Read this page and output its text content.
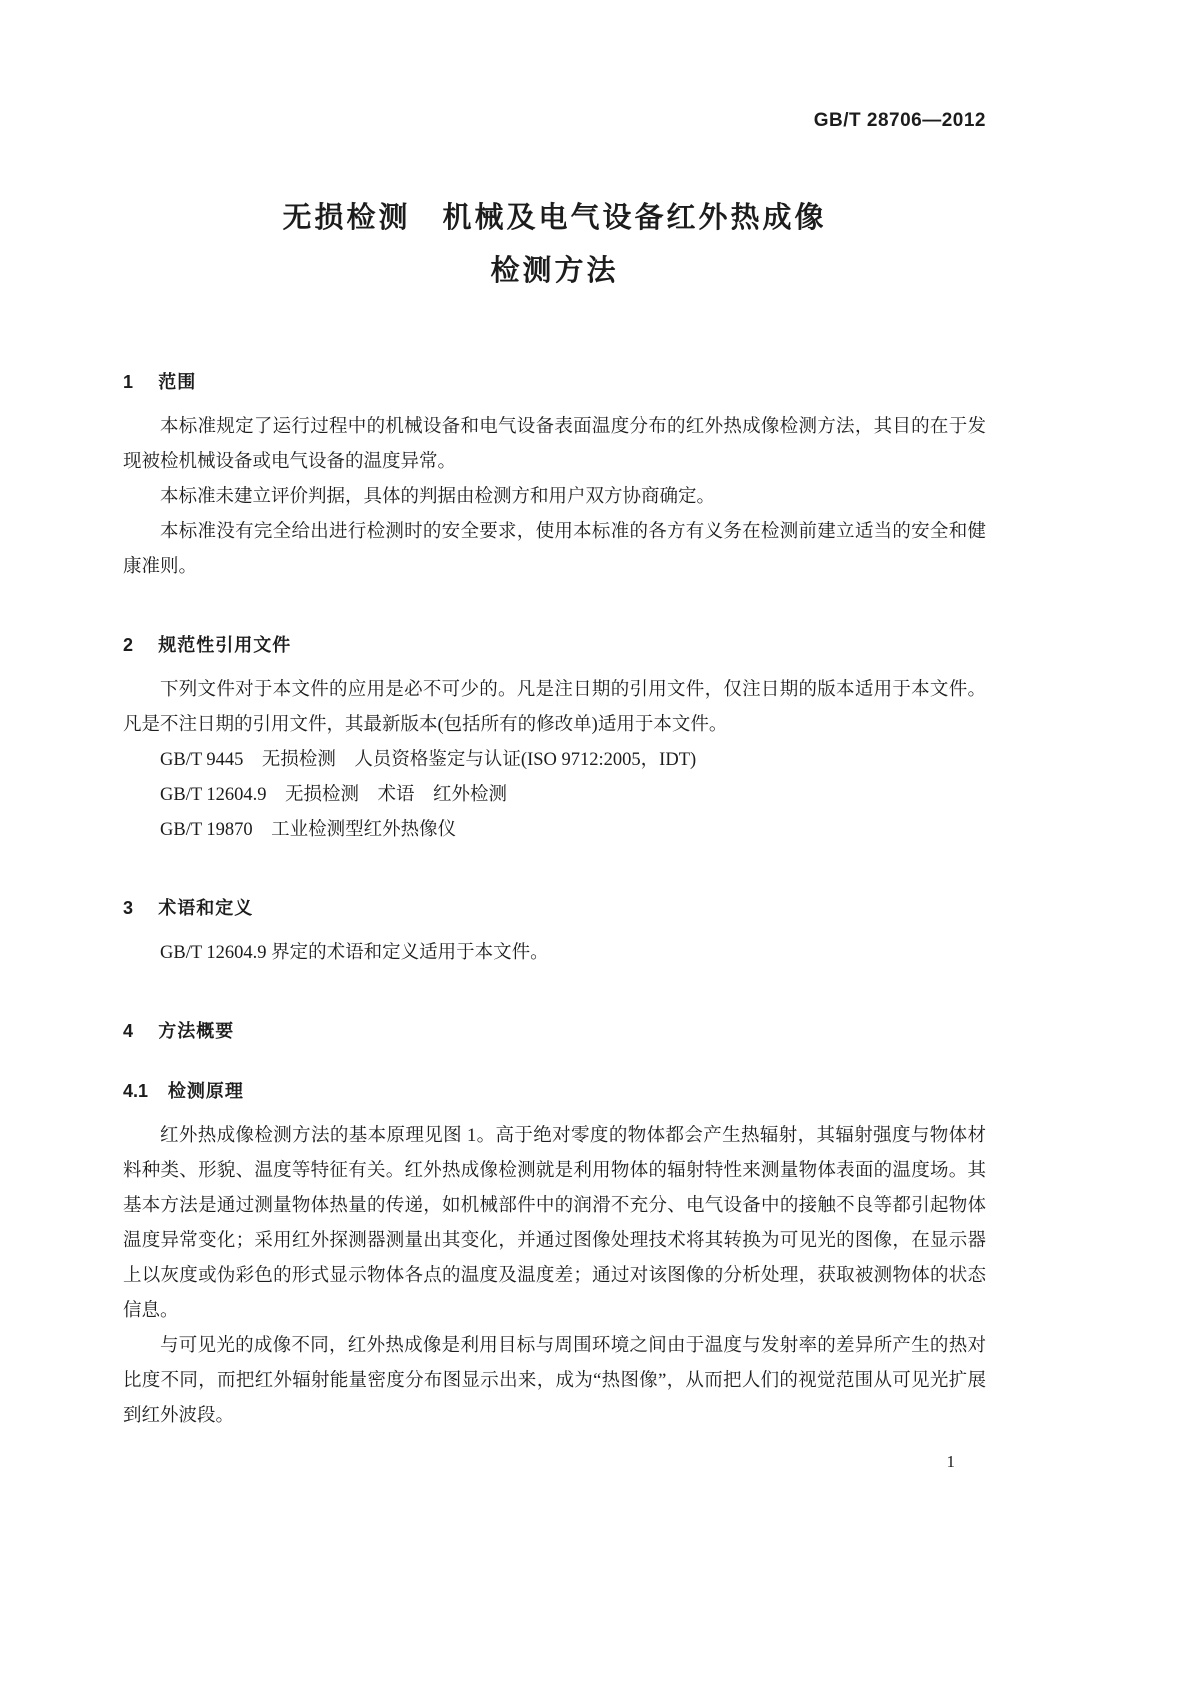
GB/T 28706—2012
无损检测　机械及电气设备红外热成像
检测方法
1 范围

本标准规定了运行过程中的机械设备和电气设备表面温度分布的红外热成像检测方法，其目的在于发现被检机械设备或电气设备的温度异常。

本标准未建立评价判据，具体的判据由检测方和用户双方协商确定。

本标准没有完全给出进行检测时的安全要求，使用本标准的各方有义务在检测前建立适当的安全和健康准则。

2 规范性引用文件

下列文件对于本文件的应用是必不可少的。凡是注日期的引用文件，仅注日期的版本适用于本文件。凡是不注日期的引用文件，其最新版本(包括所有的修改单)适用于本文件。

GB/T 9445　无损检测　人员资格鉴定与认证(ISO 9712:2005，IDT)

GB/T 12604.9　无损检测　术语　红外检测

GB/T 19870　工业检测型红外热像仪

3 术语和定义

GB/T 12604.9 界定的术语和定义适用于本文件。

4 方法概要
4.1 检测原理

红外热成像检测方法的基本原理见图 1。高于绝对零度的物体都会产生热辐射，其辐射强度与物体材料种类、形貌、温度等特征有关。红外热成像检测就是利用物体的辐射特性来测量物体表面的温度场。其基本方法是通过测量物体热量的传递，如机械部件中的润滑不充分、电气设备中的接触不良等都引起物体温度异常变化；采用红外探测器测量出其变化，并通过图像处理技术将其转换为可见光的图像，在显示器上以灰度或伪彩色的形式显示物体各点的温度及温度差；通过对该图像的分析处理，获取被测物体的状态信息。

与可见光的成像不同，红外热成像是利用目标与周围环境之间由于温度与发射率的差异所产生的热对比度不同，而把红外辐射能量密度分布图显示出来，成为“热图像”，从而把人们的视觉范围从可见光扩展到红外波段。

1
